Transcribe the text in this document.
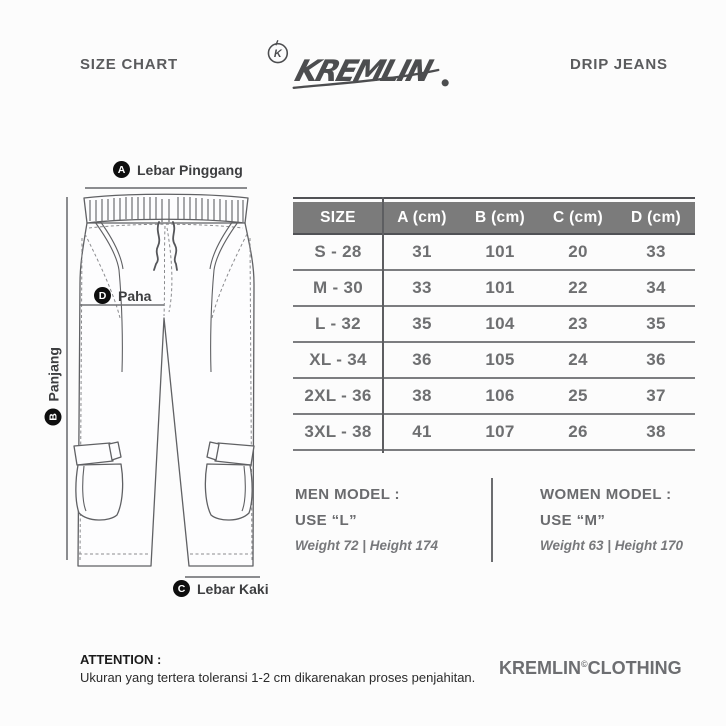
SIZE CHART
K
KREMLIN	DRIP JEANS
A Lebar Pinggang
B
Panjang
D Paha
C Lebar Kaki
SIZE	A (cm)	B (cm)	C (cm)	D (cm)
S - 28	31	101	20	33
M - 30	33	101	22	34
L - 32	35	104	23	35
XL - 34	36	105	24	36
2XL - 36	38	106	25	37
3XL - 38	41	107	26	38

MEN MODEL :

USE “L”

Weight 72 | Height 174

WOMEN MODEL :

USE “M”

Weight 63 | Height 170

ATTENTION :

Ukuran yang tertera toleransi 1-2 cm dikarenakan proses penjahitan. KREMLIN©CLOTHING
